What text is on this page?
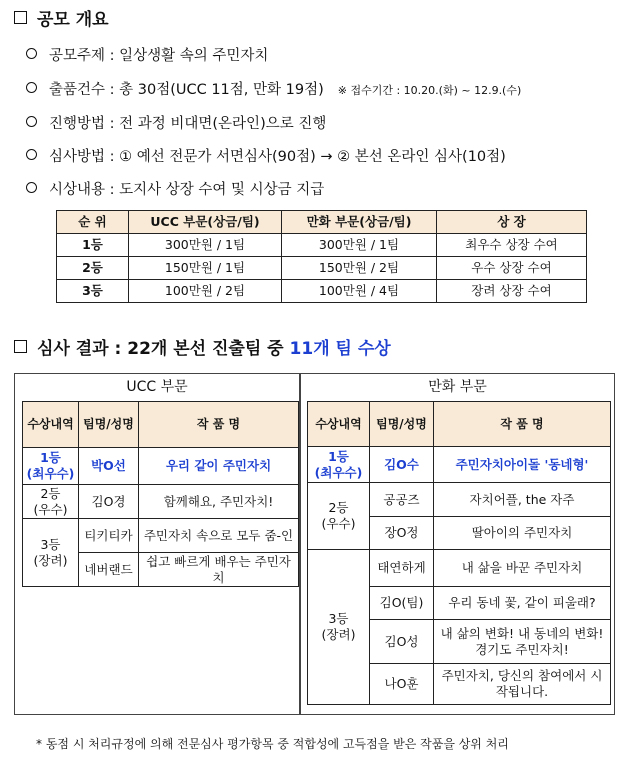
공모 개요
공모주제 : 일상생활 속의 주민자치
출품건수 : 총 30점(UCC 11점, 만화 19점) ※ 접수기간 : 10.20.(화) ~ 12.9.(수)
진행방법 : 전 과정 비대면(온라인)으로 진행
심사방법 : ① 예선 전문가 서면심사(90점) → ② 본선 온라인 심사(10점)
시상내용 : 도지사 상장 수여 및 시상금 지급
순 위	UCC 부문(상금/팀)	만화 부문(상금/팀)	상 장
1등	300만원 / 1팀	300만원 / 1팀	최우수 상장 수여
2등	150만원 / 1팀	150만원 / 2팀	우수 상장 수여
3등	100만원 / 2팀	100만원 / 4팀	장려 상장 수여
심사 결과 : 22개 본선 진출팀 중 11개 팀 수상
UCC 부문
수상내역	팀명/성명	작 품 명
1등
(최우수)	박O선	우리 같이 주민자치
2등
(우수)	김O경	함께해요, 주민자치!
3등
(장려)	티키티카	주민자치 속으로 모두 줌-인
	네버랜드	쉽고 빠르게 배우는 주민자치
만화 부문
수상내역	팀명/성명	작 품 명
1등
(최우수)	김O수	주민자치아이돌 '동네형'
2등
(우수)	공공즈	자치어플, the 자주
	장O정	딸아이의 주민자치
3등
(장려)	태연하게	내 삶을 바꾼 주민자치
	김O(팀)	우리 동네 꽃, 같이 피울래?
	김O성	내 삶의 변화! 내 동네의 변화! 경기도 주민자치!
	나O훈	주민자치, 당신의 참여에서 시작됩니다.
* 동점 시 처리규정에 의해 전문심사 평가항목 중 적합성에 고득점을 받은 작품을 상위 처리
